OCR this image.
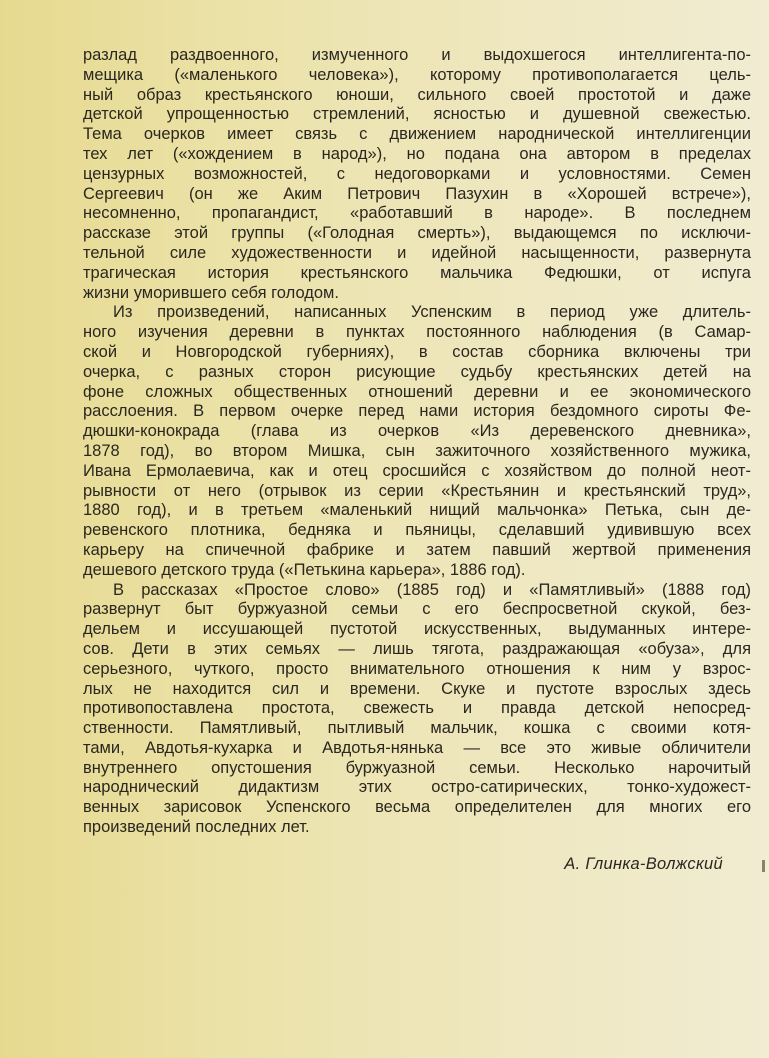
разлад раздвоенного, измученного и выдохшегося интеллигента-по-
мещика («маленького человека»), которому противополагается цель-
ный образ крестьянского юноши, сильного своей простотой и даже
детской упрощенностью стремлений, ясностью и душевной свежестью.
Тема очерков имеет связь с движением народнической интеллигенции
тех лет («хождением в народ»), но подана она автором в пределах
цензурных возможностей, с недоговорками и условностями. Семен
Сергеевич (он же Аким Петрович Пазухин в «Хорошей встрече»),
несомненно, пропагандист, «работавший в народе». В последнем
рассказе этой группы («Голодная смерть»), выдающемся по исключи-
тельной силе художественности и идейной насыщенности, развернута
трагическая история крестьянского мальчика Федюшки, от испуга
жизни уморившего себя голодом.
Из произведений, написанных Успенским в период уже длитель-
ного изучения деревни в пунктах постоянного наблюдения (в Самар-
ской и Новгородской губерниях), в состав сборника включены три
очерка, с разных сторон рисующие судьбу крестьянских детей на
фоне сложных общественных отношений деревни и ее экономического
расслоения. В первом очерке перед нами история бездомного сироты Фе-
дюшки-конокрада (глава из очерков «Из деревенского дневника»,
1878 год), во втором Мишка, сын зажиточного хозяйственного мужика,
Ивана Ермолаевича, как и отец сросшийся с хозяйством до полной неот-
рывности от него (отрывок из серии «Крестьянин и крестьянский труд»,
1880 год), и в третьем «маленький нищий мальчонка» Петька, сын де-
ревенского плотника, бедняка и пьяницы, сделавший удивившую всех
карьеру на спичечной фабрике и затем павший жертвой применения
дешевого детского труда («Петькина карьера», 1886 год).
В рассказах «Простое слово» (1885 год) и «Памятливый» (1888 год)
развернут быт буржуазной семьи с его беспросветной скукой, без-
дельем и иссушающей пустотой искусственных, выдуманных интере-
сов. Дети в этих семьях — лишь тягота, раздражающая «обуза», для
серьезного, чуткого, просто внимательного отношения к ним у взрос-
лых не находится сил и времени. Скуке и пустоте взрослых здесь
противопоставлена простота, свежесть и правда детской непосред-
ственности. Памятливый, пытливый мальчик, кошка с своими котя-
тами, Авдотья-кухарка и Авдотья-нянька — все это живые обличители
внутреннего опустошения буржуазной семьи. Несколько нарочитый
народнический дидактизм этих остро-сатирических, тонко-художест-
венных зарисовок Успенского весьма определителен для многих его
произведений последних лет.
А. Глинка-Волжский
